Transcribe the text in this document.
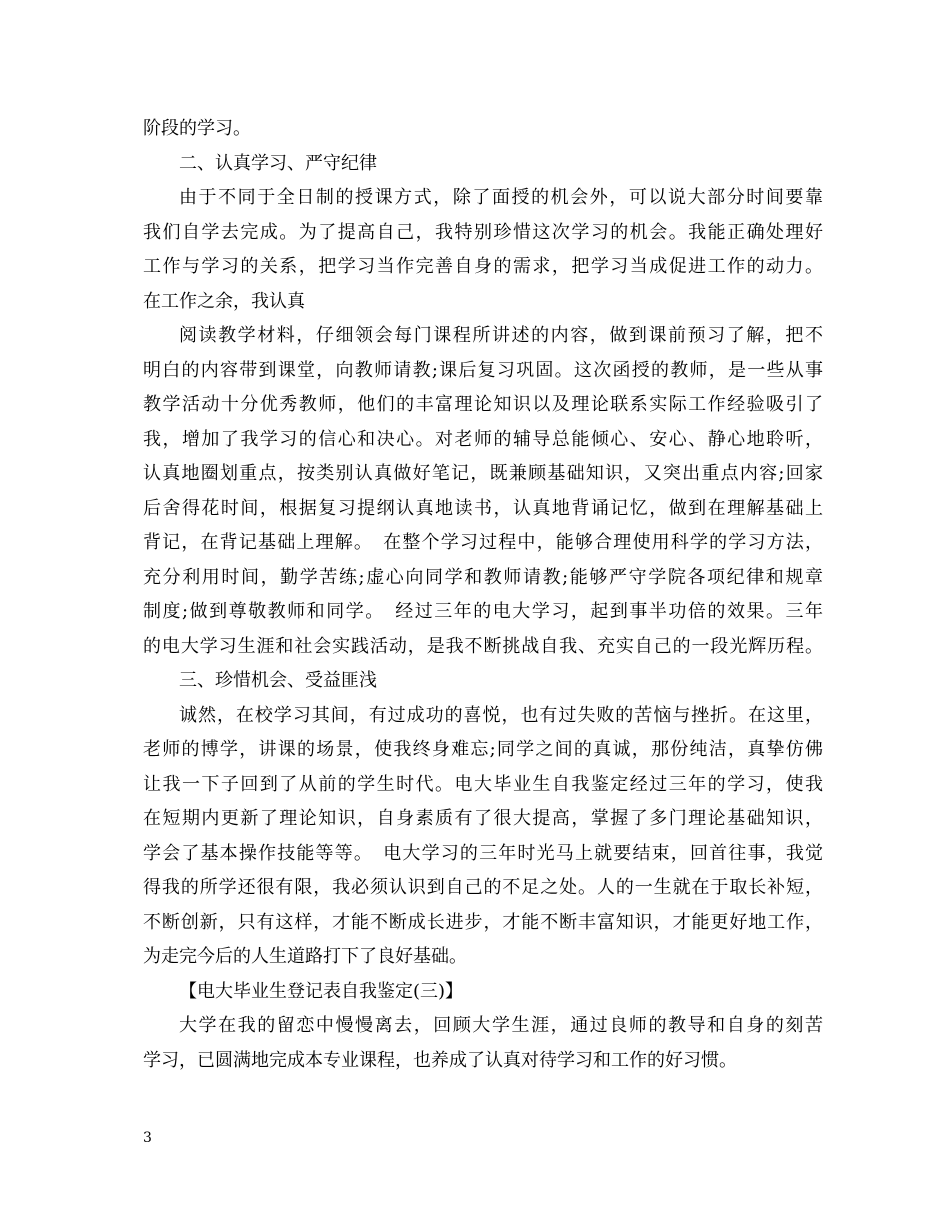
阶段的学习。
二、认真学习、严守纪律
由于不同于全日制的授课方式，除了面授的机会外，可以说大部分时间要靠
我们自学去完成。为了提高自己，我特别珍惜这次学习的机会。我能正确处理好
工作与学习的关系，把学习当作完善自身的需求，把学习当成促进工作的动力。
在工作之余，我认真
阅读教学材料，仔细领会每门课程所讲述的内容，做到课前预习了解，把不
明白的内容带到课堂，向教师请教;课后复习巩固。这次函授的教师，是一些从事
教学活动十分优秀教师，他们的丰富理论知识以及理论联系实际工作经验吸引了
我，增加了我学习的信心和决心。对老师的辅导总能倾心、安心、静心地聆听，
认真地圈划重点，按类别认真做好笔记，既兼顾基础知识，又突出重点内容;回家
后舍得花时间，根据复习提纲认真地读书，认真地背诵记忆，做到在理解基础上
背记，在背记基础上理解。　在整个学习过程中，能够合理使用科学的学习方法，
充分利用时间，勤学苦练;虚心向同学和教师请教;能够严守学院各项纪律和规章
制度;做到尊敬教师和同学。　经过三年的电大学习，起到事半功倍的效果。三年
的电大学习生涯和社会实践活动，是我不断挑战自我、充实自己的一段光辉历程。
三、珍惜机会、受益匪浅
诚然，在校学习其间，有过成功的喜悦，也有过失败的苦恼与挫折。在这里，
老师的博学，讲课的场景，使我终身难忘;同学之间的真诚，那份纯洁，真挚仿佛
让我一下子回到了从前的学生时代。电大毕业生自我鉴定经过三年的学习，使我
在短期内更新了理论知识，自身素质有了很大提高，掌握了多门理论基础知识，
学会了基本操作技能等等。　电大学习的三年时光马上就要结束，回首往事，我觉
得我的所学还很有限，我必须认识到自己的不足之处。人的一生就在于取长补短，
不断创新，只有这样，才能不断成长进步，才能不断丰富知识，才能更好地工作，
为走完今后的人生道路打下了良好基础。
【电大毕业生登记表自我鉴定(三)】
大学在我的留恋中慢慢离去，回顾大学生涯，通过良师的教导和自身的刻苦
学习，已圆满地完成本专业课程，也养成了认真对待学习和工作的好习惯。
3
